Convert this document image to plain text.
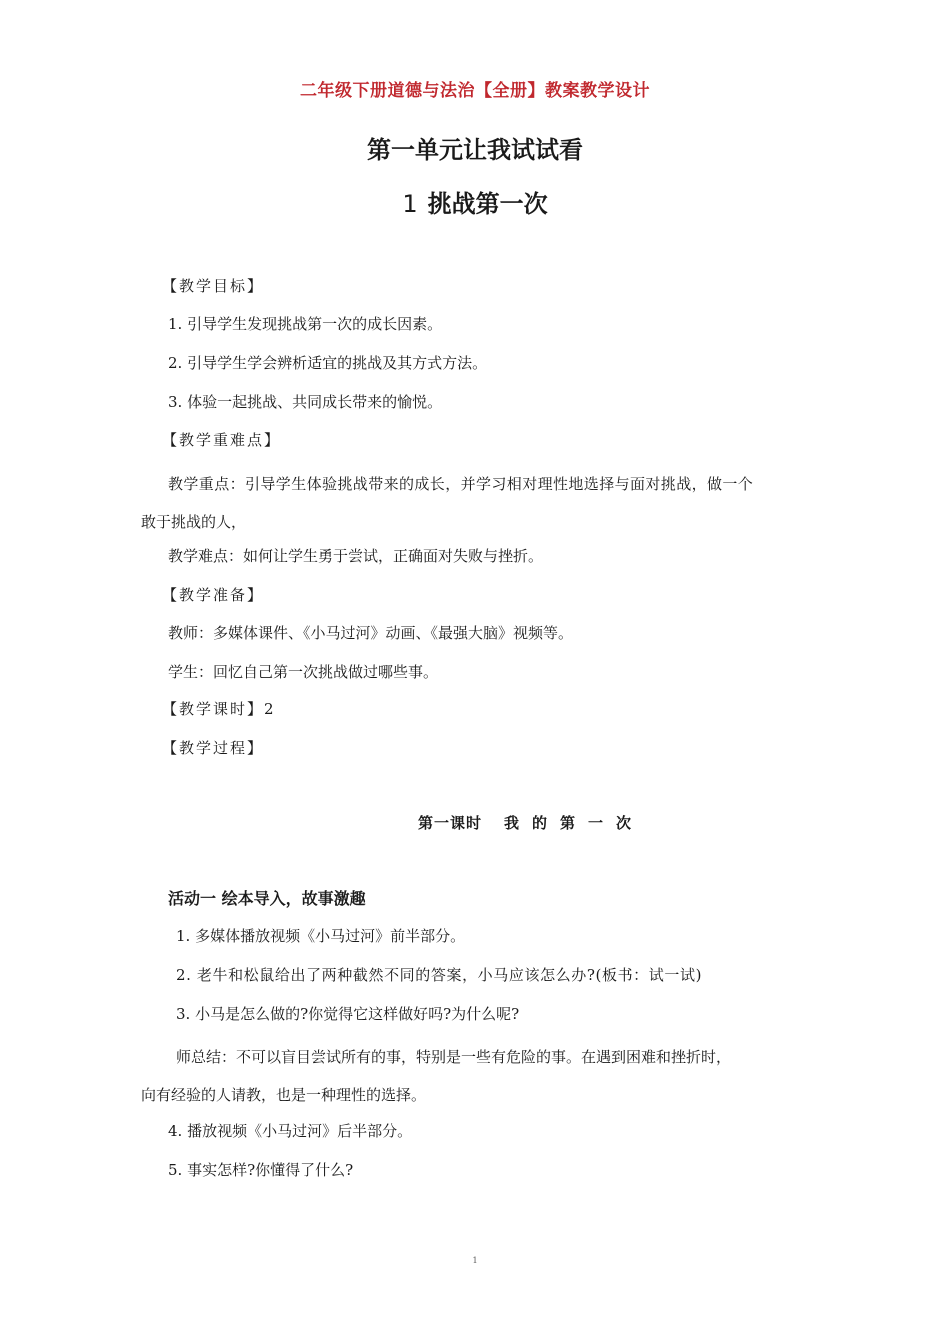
二年级下册道德与法治【全册】教案教学设计
第一单元让我试试看
1 挑战第一次
【教学目标】
1. 引导学生发现挑战第一次的成长因素。
2. 引导学生学会辨析适宜的挑战及其方式方法。
3. 体验一起挑战、共同成长带来的愉悦。
【教学重难点】
教学重点：引导学生体验挑战带来的成长，并学习相对理性地选择与面对挑战，做一个
敢于挑战的人，
教学难点：如何让学生勇于尝试，正确面对失败与挫折。
【教学准备】
教师：多媒体课件、《小马过河》动画、《最强大脑》视频等。
学生：回忆自己第一次挑战做过哪些事。
【教学课时】2
【教学过程】
第一课时 我的第一次
活动一 绘本导入，故事激趣
1. 多媒体播放视频《小马过河》前半部分。
2. 老牛和松鼠给出了两种截然不同的答案，小马应该怎么办?(板书：试一试)
3. 小马是怎么做的?你觉得它这样做好吗?为什么呢?
师总结：不可以盲目尝试所有的事，特别是一些有危险的事。在遇到困难和挫折时，
向有经验的人请教，也是一种理性的选择。
4. 播放视频《小马过河》后半部分。
5. 事实怎样?你懂得了什么?
1
